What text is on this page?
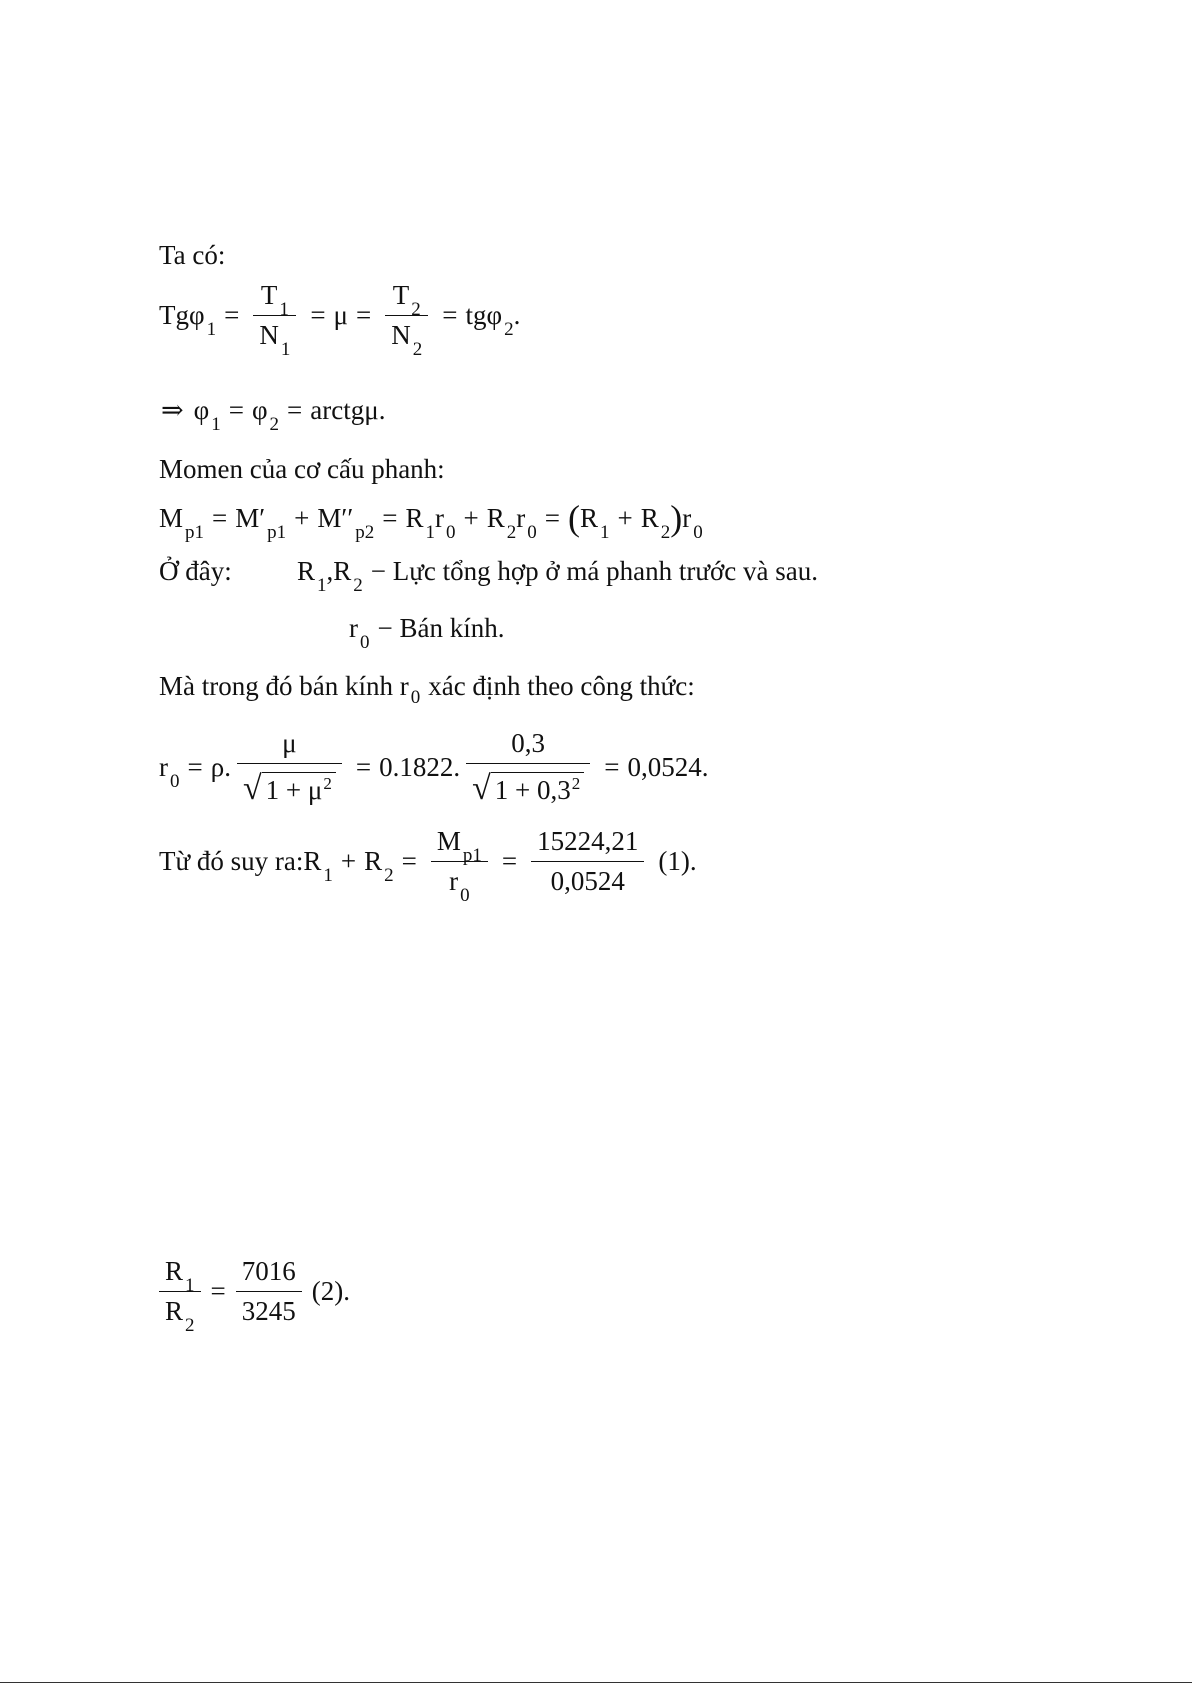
Ta có:
Tgφ $_1 = \frac{T _1}{N _1} = \mu = \frac{T _2}{N _2} = tg\varphi$ $_2$.
⇒ φ $_1$ = φ $_2$ = arctgμ.
Momen của cơ cấu phanh:
M $_{p1}$ = M′ $_{p1}$ + M′′ $_{p2}$ = R $_1$r $_0$ + R $_2$r $_0$ = ( R $_1$ + R $_2$ ) r $_0$
Ở đây: R $_1$ , R $_2$ − Lực tổng hợp ở má phanh trước và sau.
r $_0$ − Bán kính.
Mà trong đó bán kính r 0 xác định theo công thức:
r $_0$ = ρ. $\frac{\mu}{√ 1 + \mu^2} = 0.1822$. $\frac{0,3}{√ 1 + 0,3^2} = 0,0524$.
Từ đó suy ra: R $_1$ + R $_2 = \frac{M _{p1}}{r _0} = \frac{15224,21}{0,0524} (1)$.
$\frac{R _1}{R _2} = \frac{7016}{3245} (2)$.
